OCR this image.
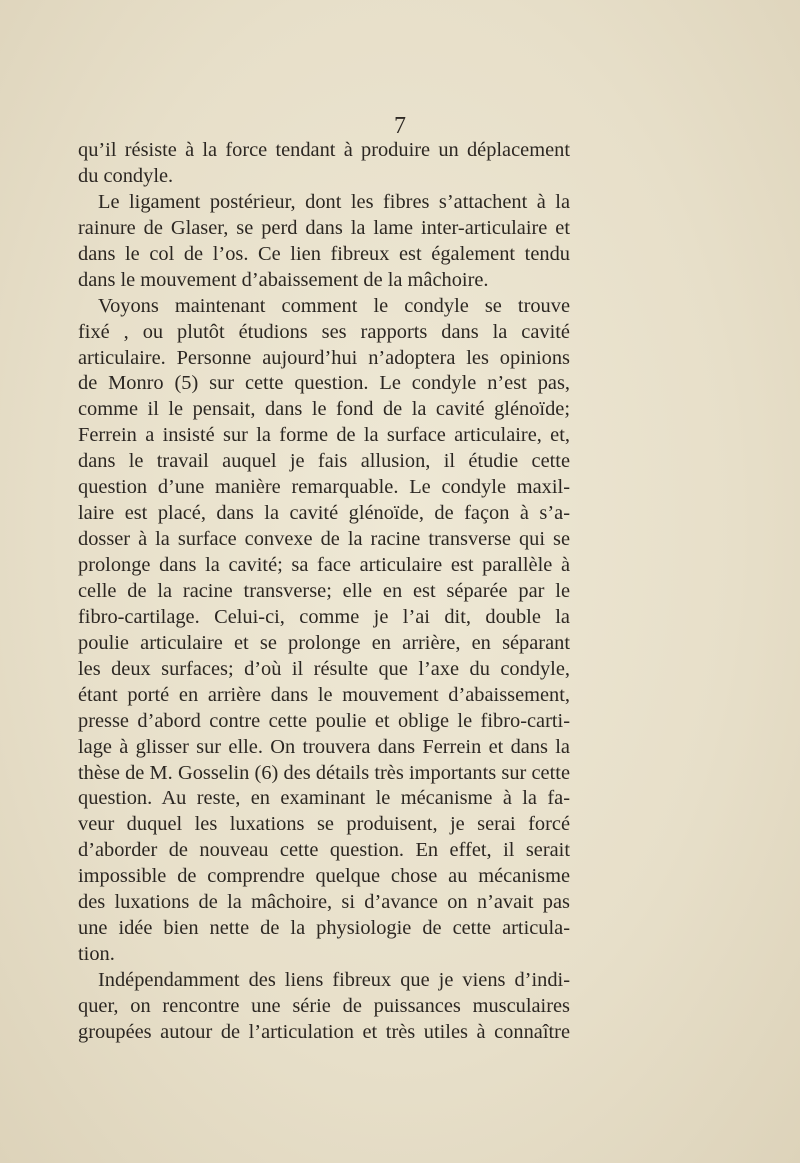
7
qu’il résiste à la force tendant à produire un déplacement
du condyle.
Le ligament postérieur, dont les fibres s’attachent à la
rainure de Glaser, se perd dans la lame inter-articulaire et
dans le col de l’os. Ce lien fibreux est également tendu
dans le mouvement d’abaissement de la mâchoire.
Voyons maintenant comment le condyle se trouve
fixé , ou plutôt étudions ses rapports dans la cavité
articulaire. Personne aujourd’hui n’adoptera les opinions
de Monro (5) sur cette question. Le condyle n’est pas,
comme il le pensait, dans le fond de la cavité glénoïde;
Ferrein a insisté sur la forme de la surface articulaire, et,
dans le travail auquel je fais allusion, il étudie cette
question d’une manière remarquable. Le condyle maxil-
laire est placé, dans la cavité glénoïde, de façon à s’a-
dosser à la surface convexe de la racine transverse qui se
prolonge dans la cavité; sa face articulaire est parallèle à
celle de la racine transverse; elle en est séparée par le
fibro-cartilage. Celui-ci, comme je l’ai dit, double la
poulie articulaire et se prolonge en arrière, en séparant
les deux surfaces; d’où il résulte que l’axe du condyle,
étant porté en arrière dans le mouvement d’abaissement,
presse d’abord contre cette poulie et oblige le fibro-carti-
lage à glisser sur elle. On trouvera dans Ferrein et dans la
thèse de M. Gosselin (6) des détails très importants sur cette
question. Au reste, en examinant le mécanisme à la fa-
veur duquel les luxations se produisent, je serai forcé
d’aborder de nouveau cette question. En effet, il serait
impossible de comprendre quelque chose au mécanisme
des luxations de la mâchoire, si d’avance on n’avait pas
une idée bien nette de la physiologie de cette articula-
tion.
Indépendamment des liens fibreux que je viens d’indi-
quer, on rencontre une série de puissances musculaires
groupées autour de l’articulation et très utiles à connaître
